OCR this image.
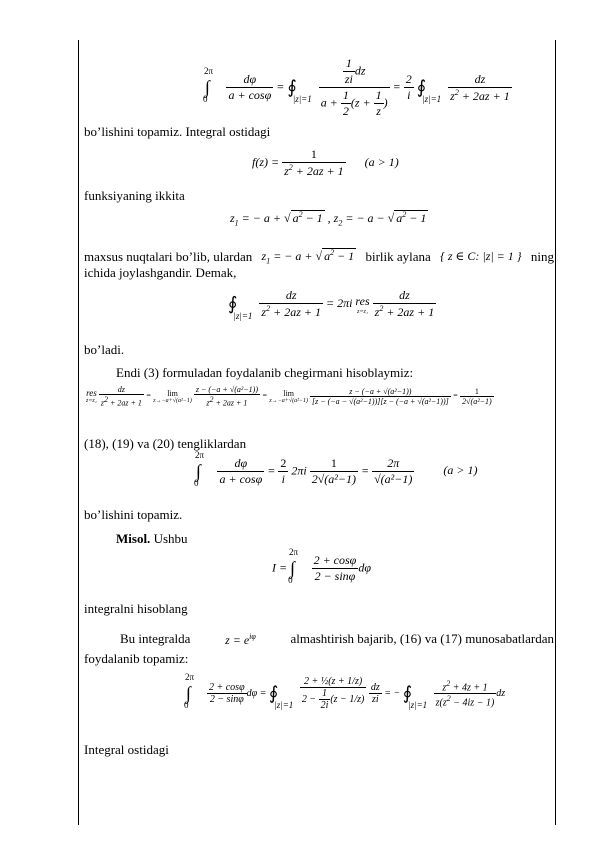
$\int^{2\pi}_0 \frac{d\varphi}{a + \cos\varphi}$ = $∮_{|z|=1} \frac{\frac{1}{zi} dz}{a + \frac{1}{2} (z + \frac{1}{z} )} = \frac{2}{i}$ $∮_{|z|=1} \frac{dz}{z^2 + 2az + 1}$
bo’lishini topamiz. Integral ostidagi
$f(z) = \frac{1}{z^2 + 2az + 1} (a > 1)$
funksiyaning ikkita
$z_1$ = − a + √ $a^2 - 1$ , $z_2$ = − a − √ $a^2 - 1$
maxsus nuqtalari bo’lib, ulardan $z_1$ = − a + √ $a^2 - 1$ birlik aylana { z ∈ C: |z| = 1 } ning
ichida joylashgandir. Demak,
$∮_{|z|=1} \frac{dz}{z^2 + 2az + 1} = 2\pi i$ res
z=z₁
$\frac{dz}{z^2 + 2az + 1}$
bo’ladi.
Endi (3) formuladan foydalanib chegirmani hisoblaymiz:
res
z=z₁
$\frac{dz}{z2 + 2az + 1} = \lim$
z→−a+√(a²−1)
$\frac{\text{z − (−a + √(a²−1))}}{z2 + 2az + 1} = \lim$
z→−a+√(a²−1)
$\frac{\text{z − (−a + √(a²−1))}}{\text{[z − (−a − √(a²−1))][z − (−a + √(a²−1))]}} = \frac{1}{\text{2√(a²−1)}}$
(18), (19) va (20) tengliklardan
$\int^{2\pi}_0 \frac{d\varphi}{a + \cos\varphi} = \frac{2}{i} 2\pi i \frac{1}{\text{2√(a²−1)}} = \frac{2\pi}{\text{√(a²−1)}} (a > 1)$
bo’lishini topamiz.
Misol. Ushbu
$I = \int^{2\pi}_0 \frac{2 + \cos\varphi}{2 - \sin\varphi}$ dφ
integralni hisoblang
Bu integralda	$z = e^{i\varphi}$	almashtirish bajarib, (16) va (17) munosabatlardan
foydalanib topamiz:
$\int 2\pi 0 \frac{2 + \cos\varphi}{2 - \sin\varphi}$ dφ = ∮|z|=1 $\frac{\text{2 + ½(z + 1/z)}}{2 - \frac{1}{2i} (z - 1/z)}$
$\frac{dz}{zi}$ = − ∮|z|=1 $\frac{z^2 + 4z + 1}{z(z^2 - 4iz - 1)}$ dz
Integral ostidagi
